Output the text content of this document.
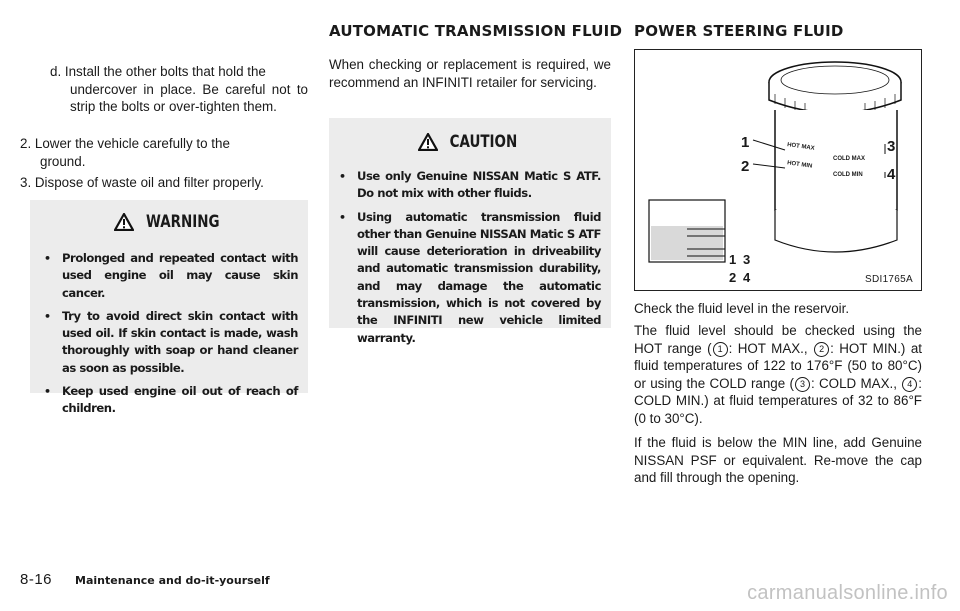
d. Install the other bolts that hold the
undercover in place. Be careful not to strip the bolts or over-tighten them.
2. Lower the vehicle carefully to the
ground.
3. Dispose of waste oil and filter properly.
WARNING
• Prolonged and repeated contact with used engine oil may cause skin cancer.
• Try to avoid direct skin contact with used oil. If skin contact is made, wash thoroughly with soap or hand cleaner as soon as possible.
• Keep used engine oil out of reach of children.
AUTOMATIC TRANSMISSION FLUID
When checking or replacement is required, we recommend an INFINITI retailer for servicing.
CAUTION
• Use only Genuine NISSAN Matic S ATF. Do not mix with other fluids.
• Using automatic transmission fluid other than Genuine NISSAN Matic S ATF will cause deterioration in driveability and automatic transmission durability, and may damage the automatic transmission, which is not covered by the INFINITI new vehicle limited warranty.
POWER STEERING FLUID
1
2
3
4
1 3
2 4
HOT MAX
HOT MIN
COLD MAX
COLD MIN
SDI1765A
Check the fluid level in the reservoir.
The fluid level should be checked using the HOT range ( 1 : HOT MAX., 2 : HOT MIN.) at fluid temperatures of 122 to 176°F (50 to 80°C) or using the COLD range ( 3 : COLD MAX., 4 : COLD MIN.) at fluid temperatures of 32 to 86°F (0 to 30°C).
If the fluid is below the MIN line, add Genuine NISSAN PSF or equivalent. Re-move the cap and fill through the opening.
8-16 Maintenance and do-it-yourself
carmanualsonline.info
